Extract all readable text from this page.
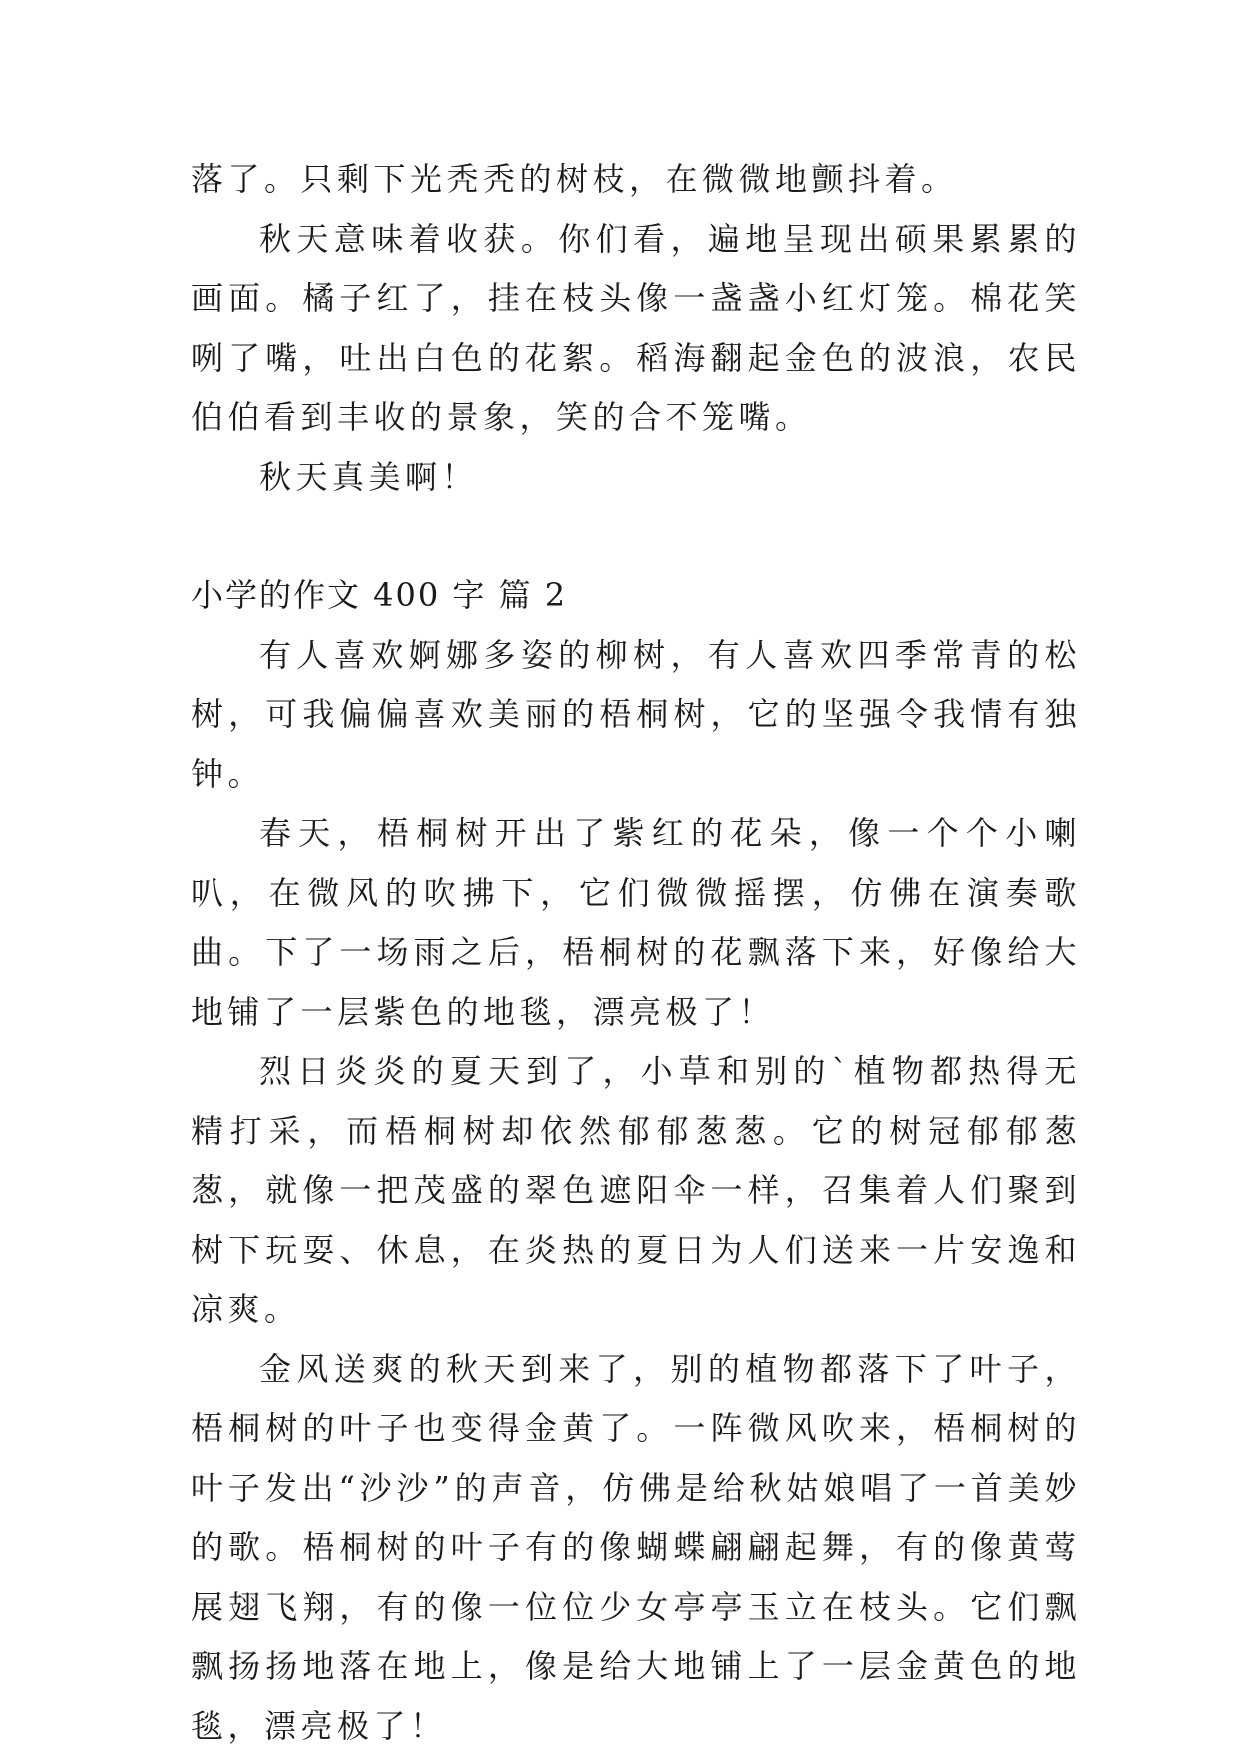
落了。只剩下光秃秃的树枝，在微微地颤抖着。

秋天意味着收获。你们看，遍地呈现出硕果累累的画面。橘子红了，挂在枝头像一盏盏小红灯笼。棉花笑咧了嘴，吐出白色的花絮。稻海翻起金色的波浪，农民伯伯看到丰收的景象，笑的合不笼嘴。

秋天真美啊！

小学的作文 400 字 篇 2

有人喜欢婀娜多姿的柳树，有人喜欢四季常青的松树，可我偏偏喜欢美丽的梧桐树，它的坚强令我情有独钟。

春天，梧桐树开出了紫红的花朵，像一个个小喇叭，在微风的吹拂下，它们微微摇摆，仿佛在演奏歌曲。下了一场雨之后，梧桐树的花飘落下来，好像给大地铺了一层紫色的地毯，漂亮极了！

烈日炎炎的夏天到了，小草和别的`植物都热得无精打采，而梧桐树却依然郁郁葱葱。它的树冠郁郁葱葱，就像一把茂盛的翠色遮阳伞一样，召集着人们聚到树下玩耍、休息，在炎热的夏日为人们送来一片安逸和凉爽。

金风送爽的秋天到来了，别的植物都落下了叶子，梧桐树的叶子也变得金黄了。一阵微风吹来，梧桐树的叶子发出“沙沙”的声音，仿佛是给秋姑娘唱了一首美妙的歌。梧桐树的叶子有的像蝴蝶翩翩起舞，有的像黄莺展翅飞翔，有的像一位位少女亭亭玉立在枝头。它们飘飘扬扬地落在地上，像是给大地铺上了一层金黄色的地毯，漂亮极了！
